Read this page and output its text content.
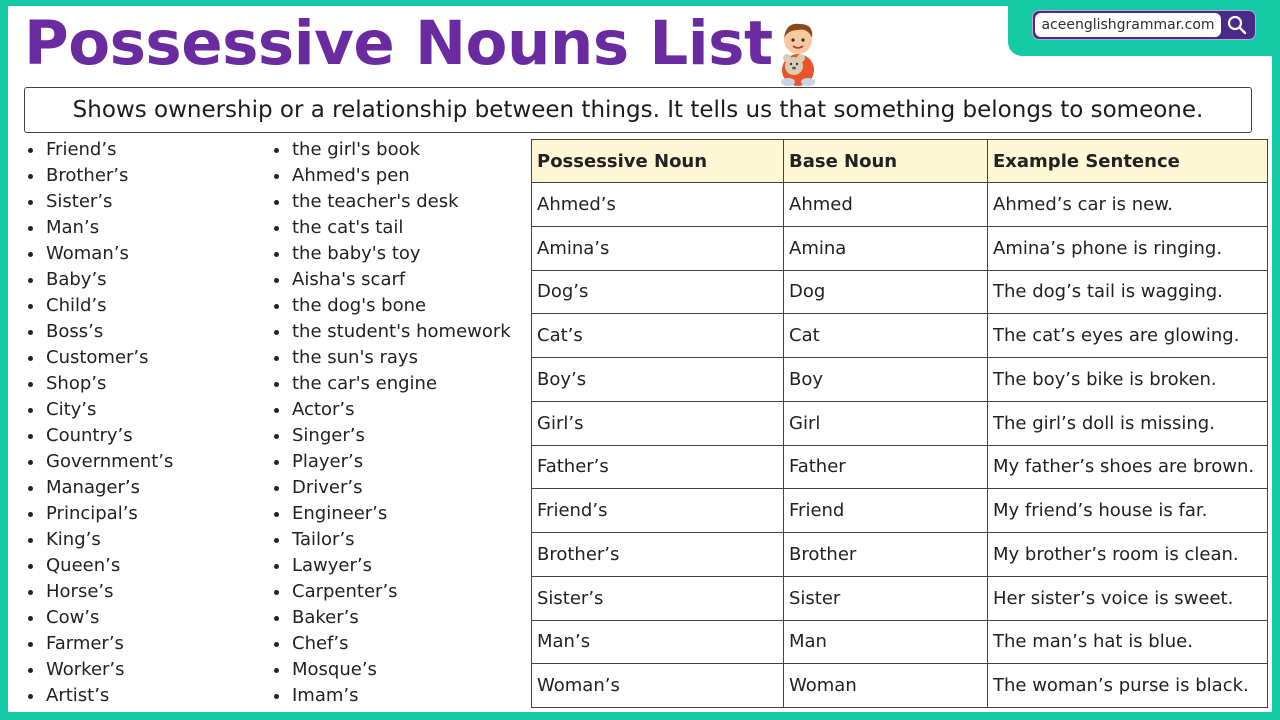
Possessive Nouns List
Shows ownership or a relationship between things. It tells us that something belongs to someone.
Friend’s
Brother’s
Sister’s
Man’s
Woman’s
Baby’s
Child’s
Boss’s
Customer’s
Shop’s
City’s
Country’s
Government’s
Manager’s
Principal’s
King’s
Queen’s
Horse’s
Cow’s
Farmer’s
Worker’s
Artist’s
the girl's book
Ahmed's pen
the teacher's desk
the cat's tail
the baby's toy
Aisha's scarf
the dog's bone
the student's homework
the sun's rays
the car's engine
Actor’s
Singer’s
Player’s
Driver’s
Engineer’s
Tailor’s
Lawyer’s
Carpenter’s
Baker’s
Chef’s
Mosque’s
Imam’s
Possessive Noun	Base Noun	Example Sentence
Ahmed’s	Ahmed	Ahmed’s car is new.
Amina’s	Amina	Amina’s phone is ringing.
Dog’s	Dog	The dog’s tail is wagging.
Cat’s	Cat	The cat’s eyes are glowing.
Boy’s	Boy	The boy’s bike is broken.
Girl’s	Girl	The girl’s doll is missing.
Father’s	Father	My father’s shoes are brown.
Friend’s	Friend	My friend’s house is far.
Brother’s	Brother	My brother’s room is clean.
Sister’s	Sister	Her sister’s voice is sweet.
Man’s	Man	The man’s hat is blue.
Woman’s	Woman	The woman’s purse is black.
aceenglishgrammar.com
